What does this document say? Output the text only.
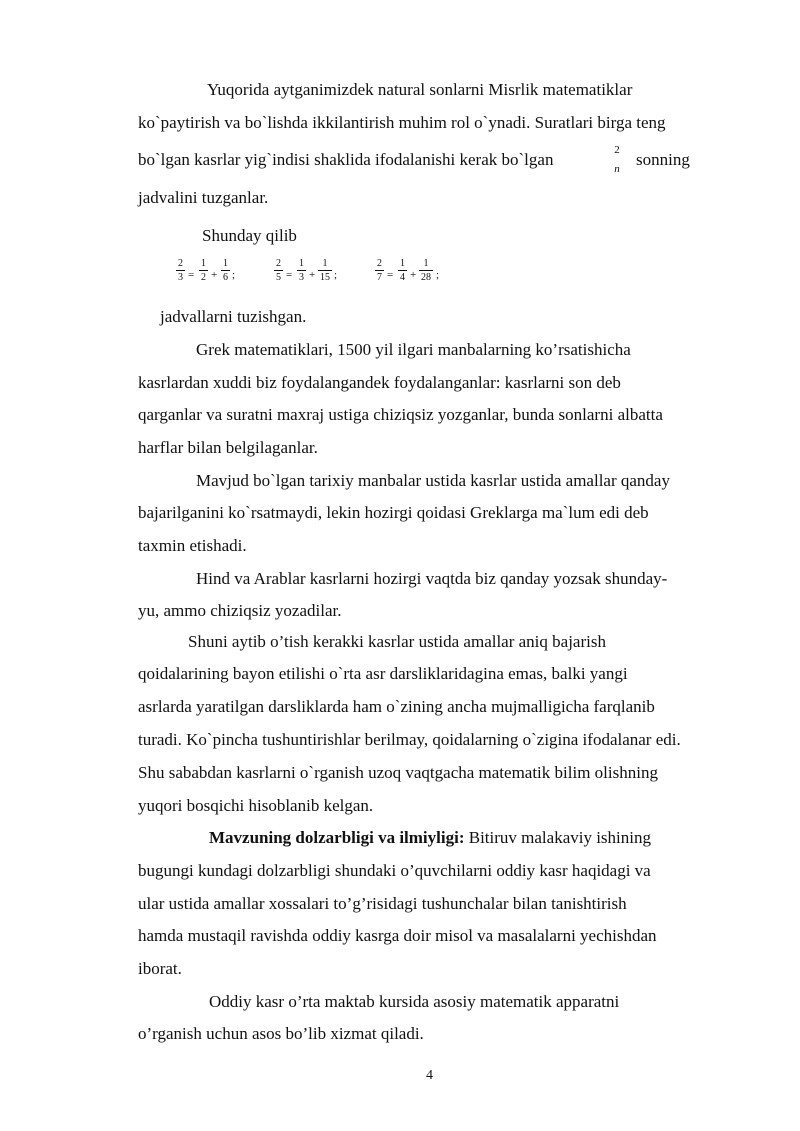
Yuqorida aytganimizdek natural sonlarni Misrlik matematiklar
ko`paytirish va bo`lishda ikkilantirish muhim rol o`ynadi. Suratlari birga teng
bo`lgan kasrlar yig`indisi shaklida ifodalanishi kerak bo`lgan	2
n sonning
jadvalini tuzganlar.
Shunday qilib
2
3 =
1
2 +
1
6 ;
2
5 =
1
3 +
1
15 ;
2
7 =
1
4 +
1
28 ;
jadvallarni tuzishgan.
Grek matematiklari, 1500 yil ilgari manbalarning ko’rsatishicha
kasrlardan xuddi biz foydalangandek foydalanganlar: kasrlarni son deb
qarganlar va suratni maxraj ustiga chiziqsiz yozganlar, bunda sonlarni albatta
harflar bilan belgilaganlar.
Mavjud bo`lgan tarixiy manbalar ustida kasrlar ustida amallar qanday
bajarilganini ko`rsatmaydi, lekin hozirgi qoidasi Greklarga ma`lum edi deb
taxmin etishadi.
Hind va Arablar kasrlarni hozirgi vaqtda biz qanday yozsak shunday-
yu, ammo chiziqsiz yozadilar.
Shuni aytib o’tish kerakki kasrlar ustida amallar aniq bajarish
qoidalarining bayon etilishi o`rta asr darsliklaridagina emas, balki yangi
asrlarda yaratilgan darsliklarda ham o`zining ancha mujmalligicha farqlanib
turadi. Ko`pincha tushuntirishlar berilmay, qoidalarning o`zigina ifodalanar edi.
Shu sababdan kasrlarni o`rganish uzoq vaqtgacha matematik bilim olishning
yuqori bosqichi hisoblanib kelgan.
Mavzuning dolzarbligi va ilmiyligi: Bitiruv malakaviy ishining
bugungi kundagi dolzarbligi shundaki o’quvchilarni oddiy kasr haqidagi va
ular ustida amallar xossalari to’g’risidagi tushunchalar bilan tanishtirish
hamda mustaqil ravishda oddiy kasrga doir misol va masalalarni yechishdan
iborat.
Oddiy kasr o’rta maktab kursida asosiy matematik apparatni
o’rganish uchun asos bo’lib xizmat qiladi.
4
